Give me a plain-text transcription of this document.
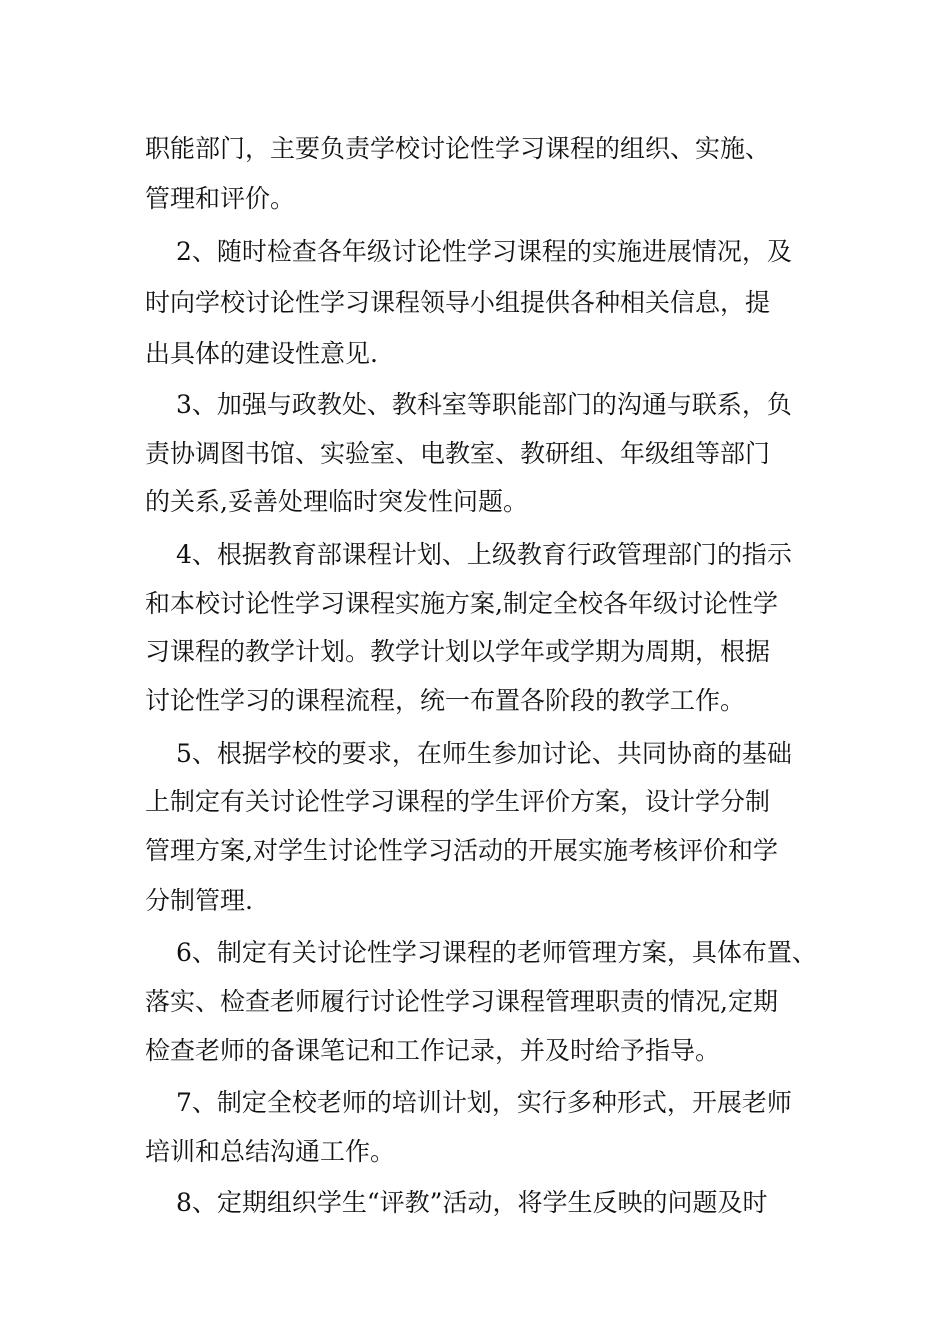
职能部门，主要负责学校讨论性学习课程的组织、实施、
管理和评价。
2、随时检查各年级讨论性学习课程的实施进展情况，及
时向学校讨论性学习课程领导小组提供各种相关信息，提
出具体的建设性意见.
3、加强与政教处、教科室等职能部门的沟通与联系，负
责协调图书馆、实验室、电教室、教研组、年级组等部门
的关系,妥善处理临时突发性问题。
4、根据教育部课程计划、上级教育行政管理部门的指示
和本校讨论性学习课程实施方案,制定全校各年级讨论性学
习课程的教学计划。教学计划以学年或学期为周期，根据
讨论性学习的课程流程，统一布置各阶段的教学工作。
5、根据学校的要求，在师生参加讨论、共同协商的基础
上制定有关讨论性学习课程的学生评价方案，设计学分制
管理方案,对学生讨论性学习活动的开展实施考核评价和学
分制管理.
6、制定有关讨论性学习课程的老师管理方案，具体布置、
落实、检查老师履行讨论性学习课程管理职责的情况,定期
检查老师的备课笔记和工作记录，并及时给予指导。
7、制定全校老师的培训计划，实行多种形式，开展老师
培训和总结沟通工作。
8、定期组织学生“评教”活动，将学生反映的问题及时
